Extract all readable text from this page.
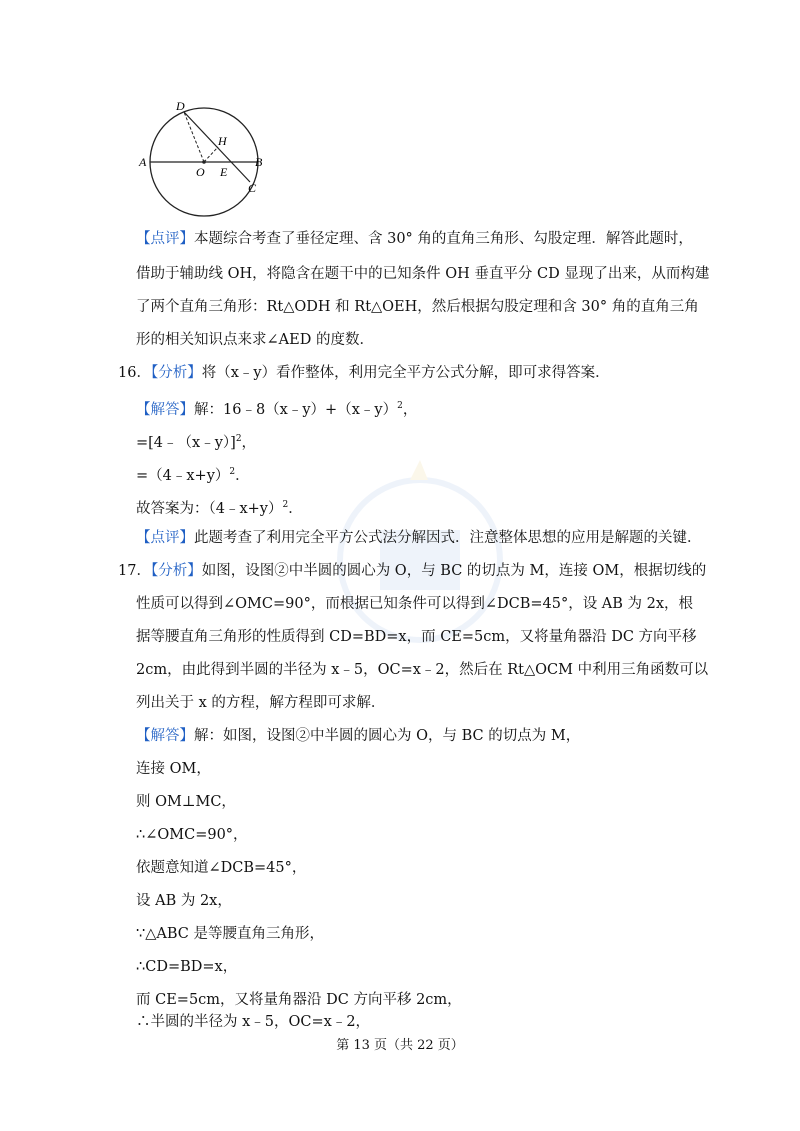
D
H
A	B
O E
C
【点评】本题综合考查了垂径定理、含 30° 角的直角三角形、勾股定理．解答此题时，
借助于辅助线 OH，将隐含在题干中的已知条件 OH 垂直平分 CD 显现了出来，从而构建
了两个直角三角形：Rt△ODH 和 Rt△OEH，然后根据勾股定理和含 30° 角的直角三角
形的相关知识点来求∠AED 的度数．
16．【分析】将（x﹣y）看作整体，利用完全平方公式分解，即可求得答案．
【解答】解：16﹣8（x﹣y）+（x﹣y）$^2$，
=[4﹣（x﹣y）]$^2$，
=（4﹣x+y）$^2$．
故答案为：（4﹣x+y）$^2$．
【点评】此题考查了利用完全平方公式法分解因式．注意整体思想的应用是解题的关键．
17．【分析】如图，设图②中半圆的圆心为 O，与 BC 的切点为 M，连接 OM，根据切线的
性质可以得到∠OMC=90°，而根据已知条件可以得到∠DCB=45°，设 AB 为 2x，根
据等腰直角三角形的性质得到 CD=BD=x，而 CE=5cm，又将量角器沿 DC 方向平移
2cm，由此得到半圆的半径为 x﹣5，OC=x﹣2，然后在 Rt△OCM 中利用三角函数可以
列出关于 x 的方程，解方程即可求解．
【解答】解：如图，设图②中半圆的圆心为 O，与 BC 的切点为 M，
连接 OM，
则 OM⊥MC，
∴∠OMC=90°，
依题意知道∠DCB=45°，
设 AB 为 2x，
∵△ABC 是等腰直角三角形，
∴CD=BD=x，
而 CE=5cm，又将量角器沿 DC 方向平移 2cm，
∴半圆的半径为 x﹣5，OC=x﹣2，
第 13 页（共 22 页）
